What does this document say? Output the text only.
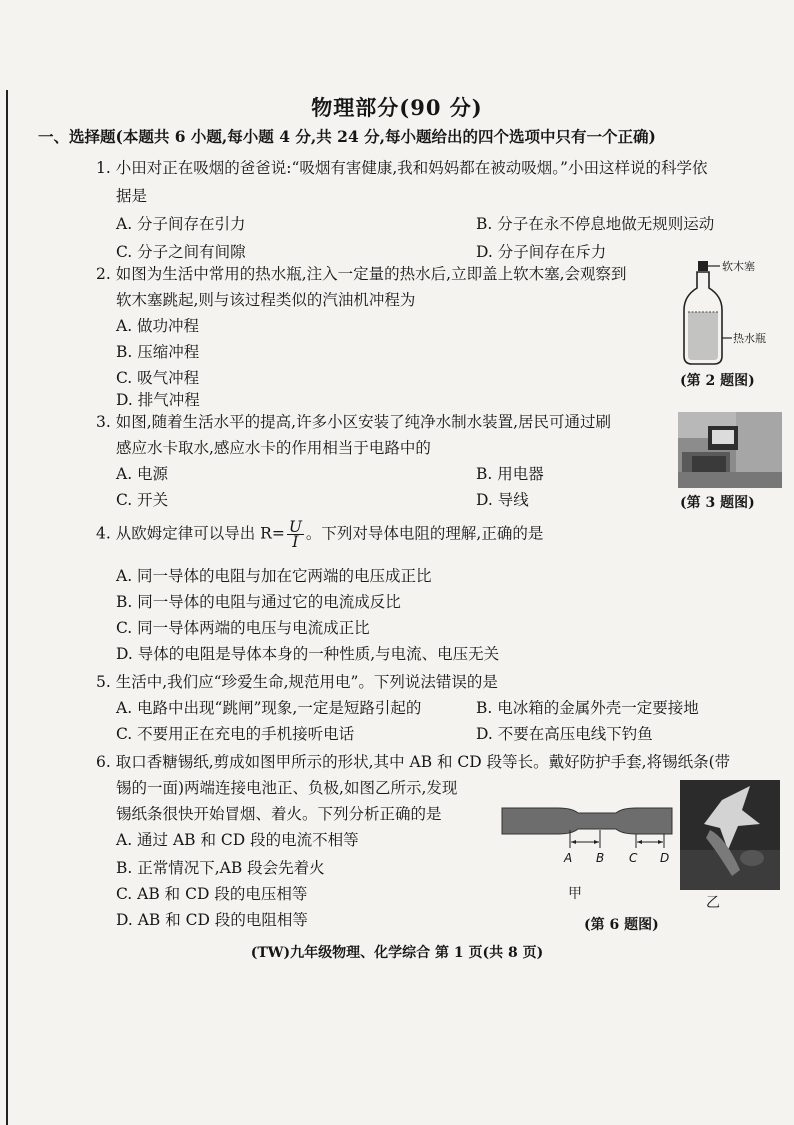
物理部分(90 分)
一、选择题(本题共 6 小题,每小题 4 分,共 24 分,每小题给出的四个选项中只有一个正确)
1. 小田对正在吸烟的爸爸说:“吸烟有害健康,我和妈妈都在被动吸烟。”小田这样说的科学依
据是
A. 分子间存在引力	B. 分子在永不停息地做无规则运动
C. 分子之间有间隙	D. 分子间存在斥力
2. 如图为生活中常用的热水瓶,注入一定量的热水后,立即盖上软木塞,会观察到
软木塞跳起,则与该过程类似的汽油机冲程为
A. 做功冲程
B. 压缩冲程
C. 吸气冲程
D. 排气冲程
软木塞
热水瓶
(第 2 题图)
3. 如图,随着生活水平的提高,许多小区安装了纯净水制水装置,居民可通过刷
感应水卡取水,感应水卡的作用相当于电路中的
A. 电源	B. 用电器
C. 开关	D. 导线	(第 3 题图)
4. 从欧姆定律可以导出 $R= \frac{U}{I}$ 。下列对导体电阻的理解,正确的是
A. 同一导体的电阻与加在它两端的电压成正比
B. 同一导体的电阻与通过它的电流成反比
C. 同一导体两端的电压与电流成正比
D. 导体的电阻是导体本身的一种性质,与电流、电压无关
5. 生活中,我们应“珍爱生命,规范用电”。下列说法错误的是
A. 电路中出现“跳闸”现象,一定是短路引起的	B. 电冰箱的金属外壳一定要接地
C. 不要用正在充电的手机接听电话	D. 不要在高压电线下钓鱼
6. 取口香糖锡纸,剪成如图甲所示的形状,其中 AB 和 CD 段等长。戴好防护手套,将锡纸条(带
锡的一面)两端连接电池正、负极,如图乙所示,发现
锡纸条很快开始冒烟、着火。下列分析正确的是
A. 通过 AB 和 CD 段的电流不相等
B. 正常情况下,AB 段会先着火
C. AB 和 CD 段的电压相等
D. AB 和 CD 段的电阻相等
A B C D
甲
乙
(第 6 题图)
(TW)九年级物理、化学综合 第 1 页(共 8 页)
